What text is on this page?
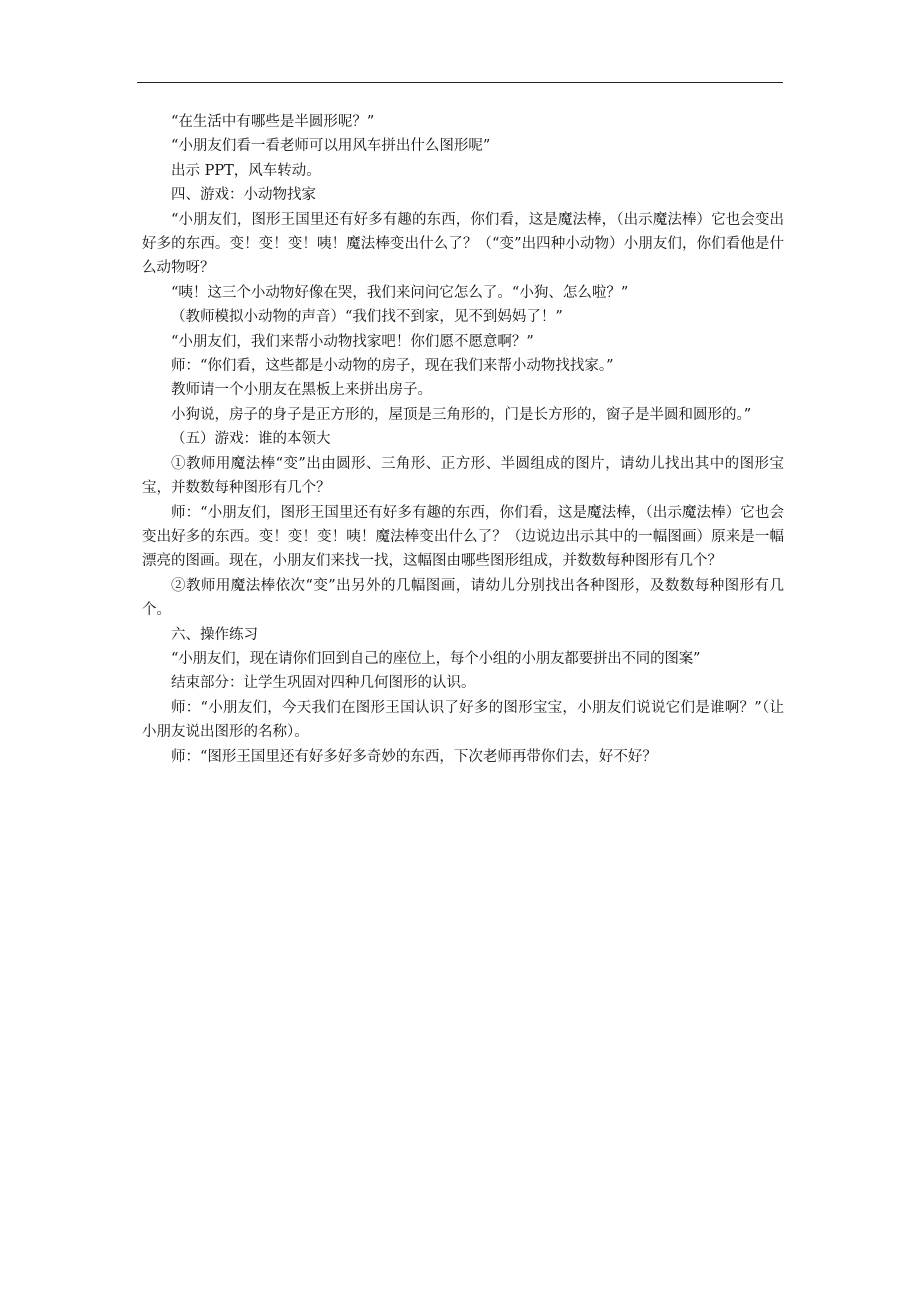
“在生活中有哪些是半圆形呢？”

“小朋友们看一看老师可以用风车拼出什么图形呢”

出示 PPT，风车转动。

四、游戏：小动物找家

“小朋友们，图形王国里还有好多有趣的东西，你们看，这是魔法棒，（出示魔法棒）它也会变出好多的东西。变！变！变！咦！魔法棒变出什么了？（“变”出四种小动物）小朋友们，你们看他是什么动物呀？

“咦！这三个小动物好像在哭，我们来问问它怎么了。“小狗、怎么啦？”

（教师模拟小动物的声音）“我们找不到家，见不到妈妈了！”

“小朋友们，我们来帮小动物找家吧！你们愿不愿意啊？”

师：“你们看，这些都是小动物的房子，现在我们来帮小动物找找家。”

教师请一个小朋友在黑板上来拼出房子。

小狗说，房子的身子是正方形的，屋顶是三角形的，门是长方形的，窗子是半圆和圆形的。”

（五）游戏：谁的本领大

①教师用魔法棒“变”出由圆形、三角形、正方形、半圆组成的图片，请幼儿找出其中的图形宝宝，并数数每种图形有几个？

师：“小朋友们，图形王国里还有好多有趣的东西，你们看，这是魔法棒，（出示魔法棒）它也会变出好多的东西。变！变！变！咦！魔法棒变出什么了？（边说边出示其中的一幅图画）原来是一幅漂亮的图画。现在，小朋友们来找一找，这幅图由哪些图形组成，并数数每种图形有几个？

②教师用魔法棒依次“变”出另外的几幅图画，请幼儿分别找出各种图形，及数数每种图形有几个。

六、操作练习

“小朋友们，现在请你们回到自己的座位上，每个小组的小朋友都要拼出不同的图案”

结束部分：让学生巩固对四种几何图形的认识。

师：“小朋友们，今天我们在图形王国认识了好多的图形宝宝，小朋友们说说它们是谁啊？”（让小朋友说出图形的名称）。

师：“图形王国里还有好多好多奇妙的东西，下次老师再带你们去，好不好？
